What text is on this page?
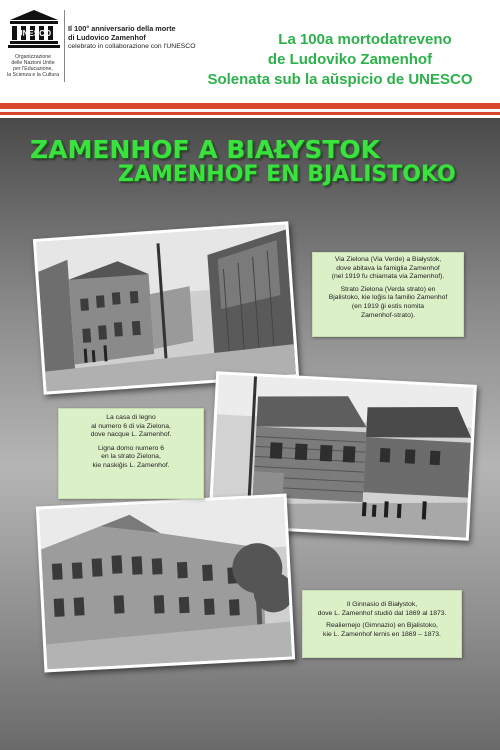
UNESCO
Organizzazione
delle Nazioni Unite
per l'Educazione,
la Scienza e la Cultura
Il 100° anniversario della morte
di Ludovico Zamenhof
celebrato in collaborazione con l'UNESCO	La 100a mortodatreveno
de Ludoviko Zamenhof
Solenata sub la aŭspicio de UNESCO
ZAMENHOF A BIAŁYSTOK
ZAMENHOF EN BJALISTOKO

Via Zielona (Via Verde) a Białystok,

dove abitava la famiglia Zamenhof

(nel 1919 fu chiamata via Zamenhof).

Strato Zielona (Verda strato) en

Bjalistoko, kie loĝis la familio Zamenhof

(en 1919 ĝi estis nomita

Zamenhof-strato).

La casa di legno

al numero 6 di via Zielona,

dove nacque L. Zamenhof.

Ligna domo numero 6

en la strato Zielona,

kie naskiĝis L. Zamenhof.

Il Ginnasio di Białystok,

dove L. Zamenhof studiò dal 1869 al 1873.

Realiernejo (Gimnazio) en Bjalistoko,

kie L. Zamenhof lernis en 1869 – 1873.
